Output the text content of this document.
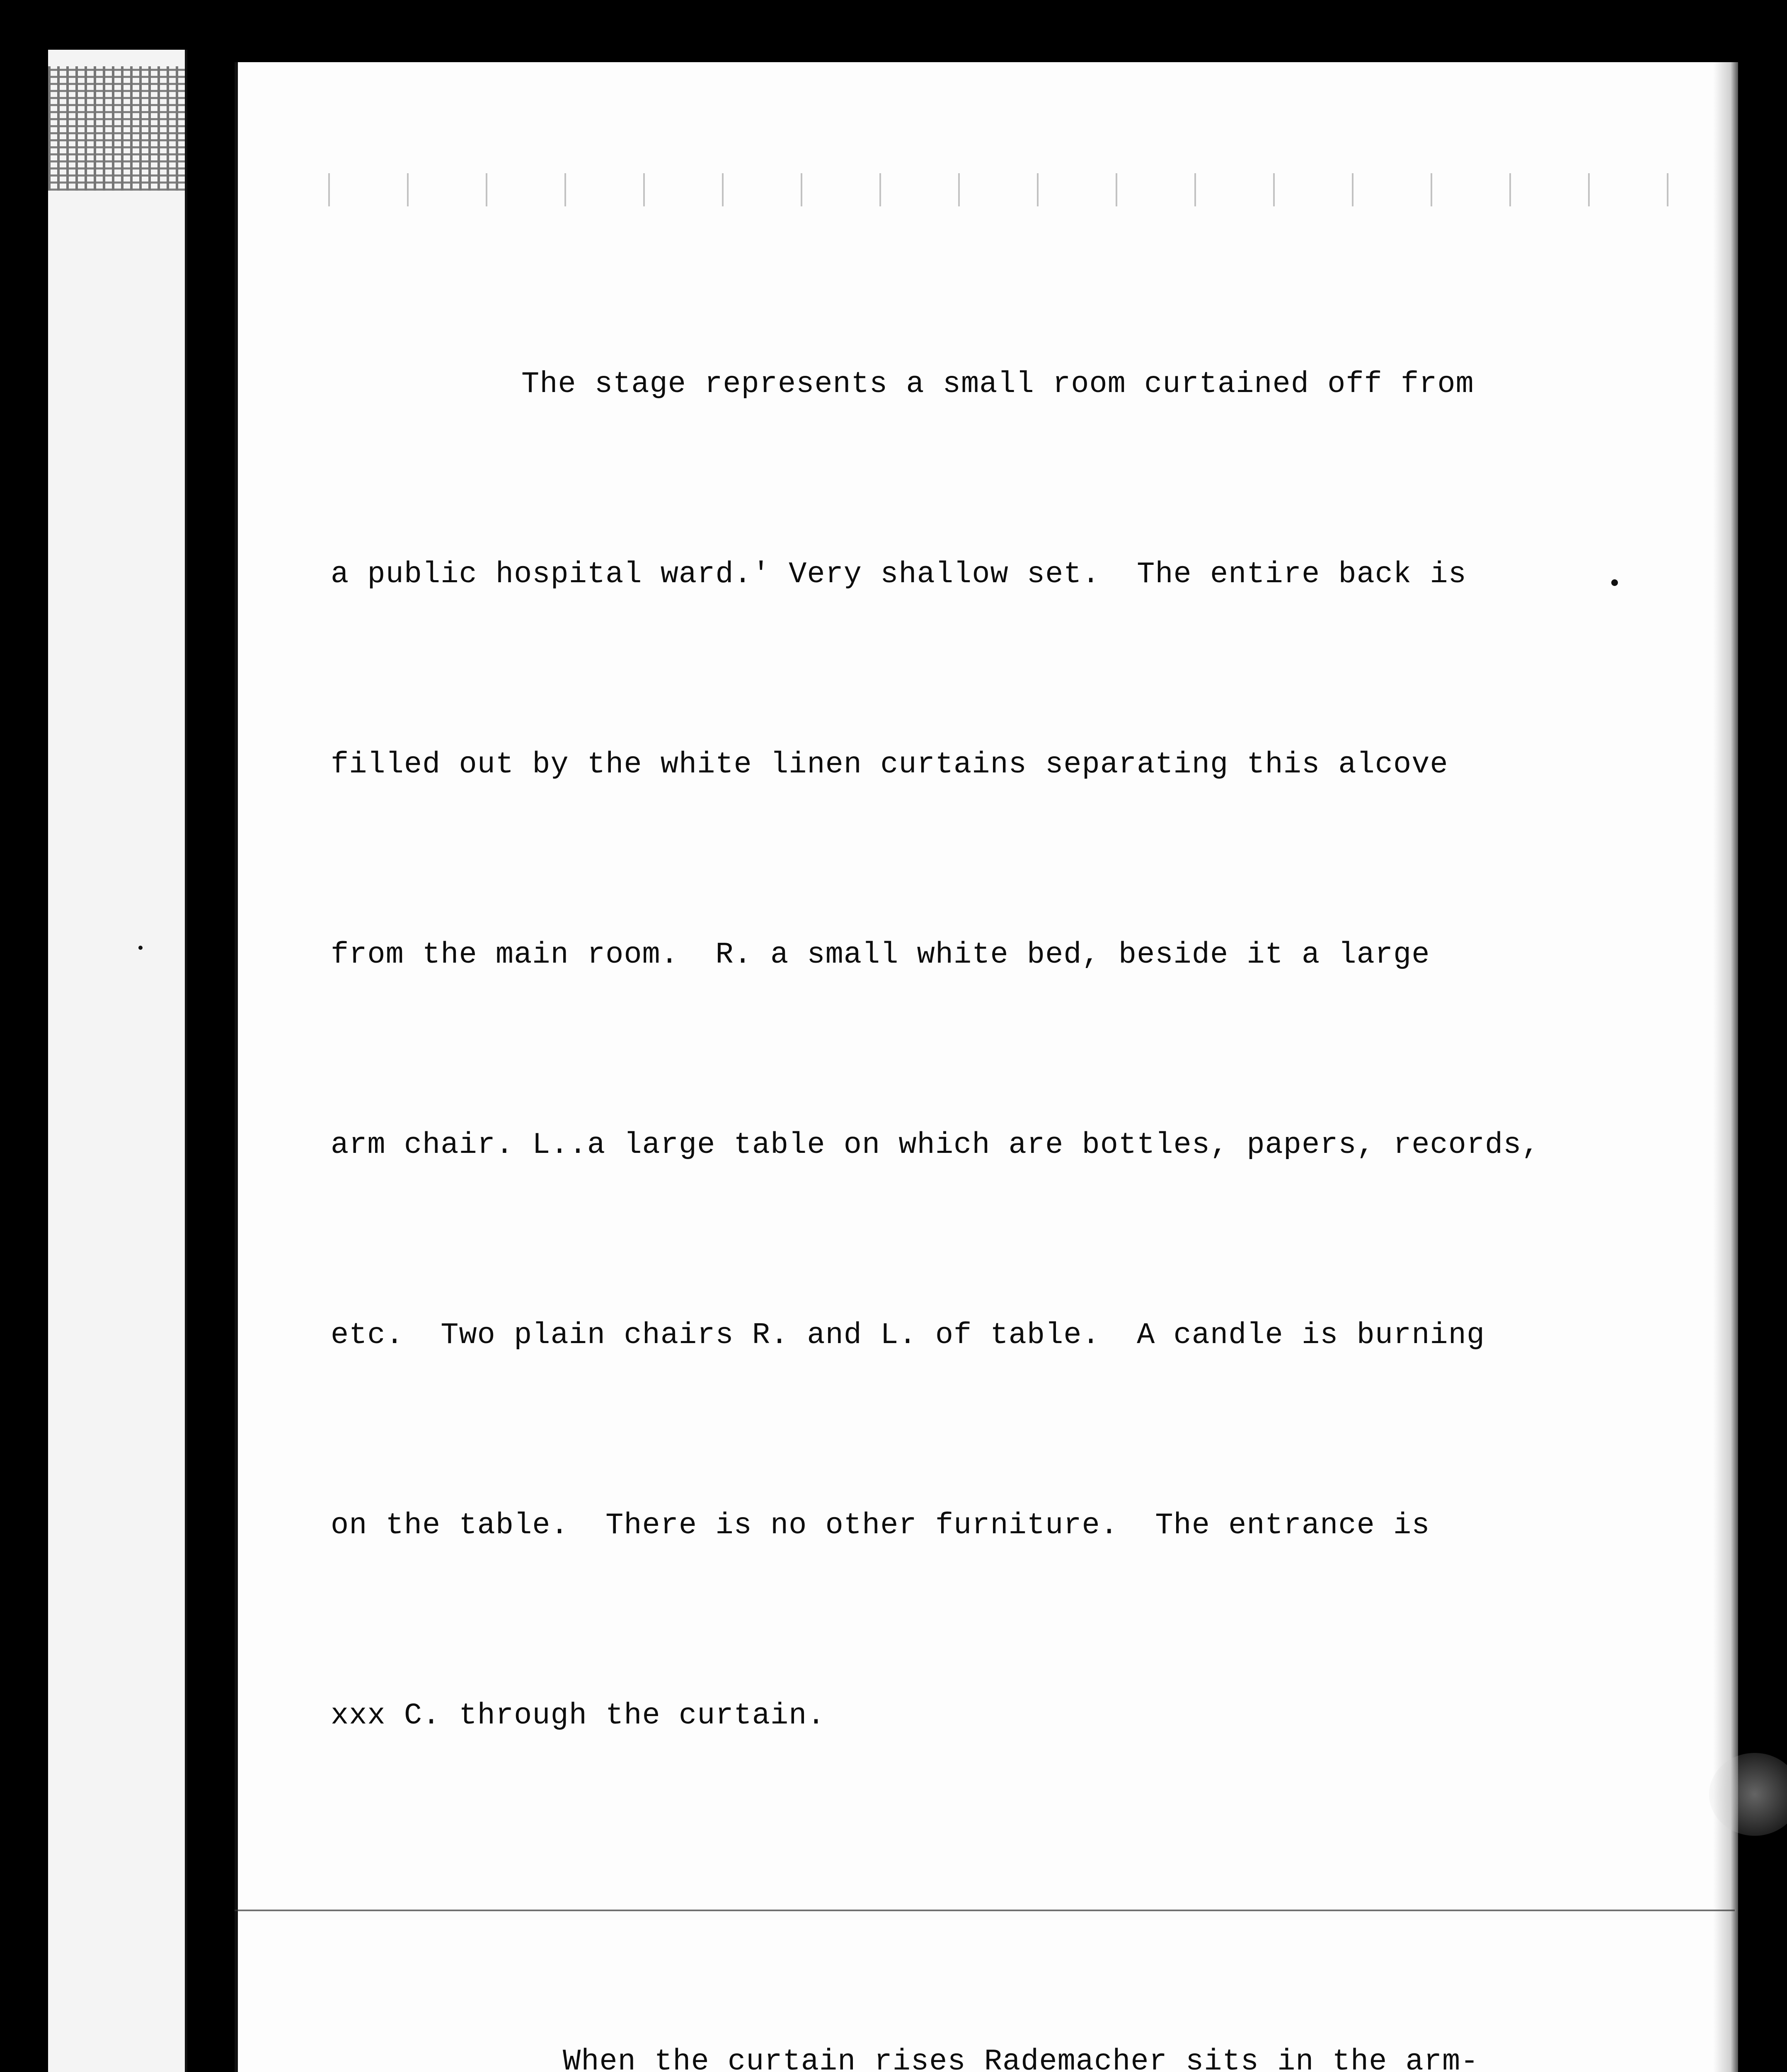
The stage represents a small room curtained off from

a public hospital ward.' Very shallow set.  The entire back is

filled out by the white linen curtains separating this alcove

from the main room.  R. a small white bed, beside it a large

arm chair. L..a large table on which are bottles, papers, records,

etc.  Two plain chairs R. and L. of table.  A candle is burning

on the table.  There is no other furniture.  The entrance is

xxx C. through the curtain.

When the curtain rises Rademacher sits in the arm-
